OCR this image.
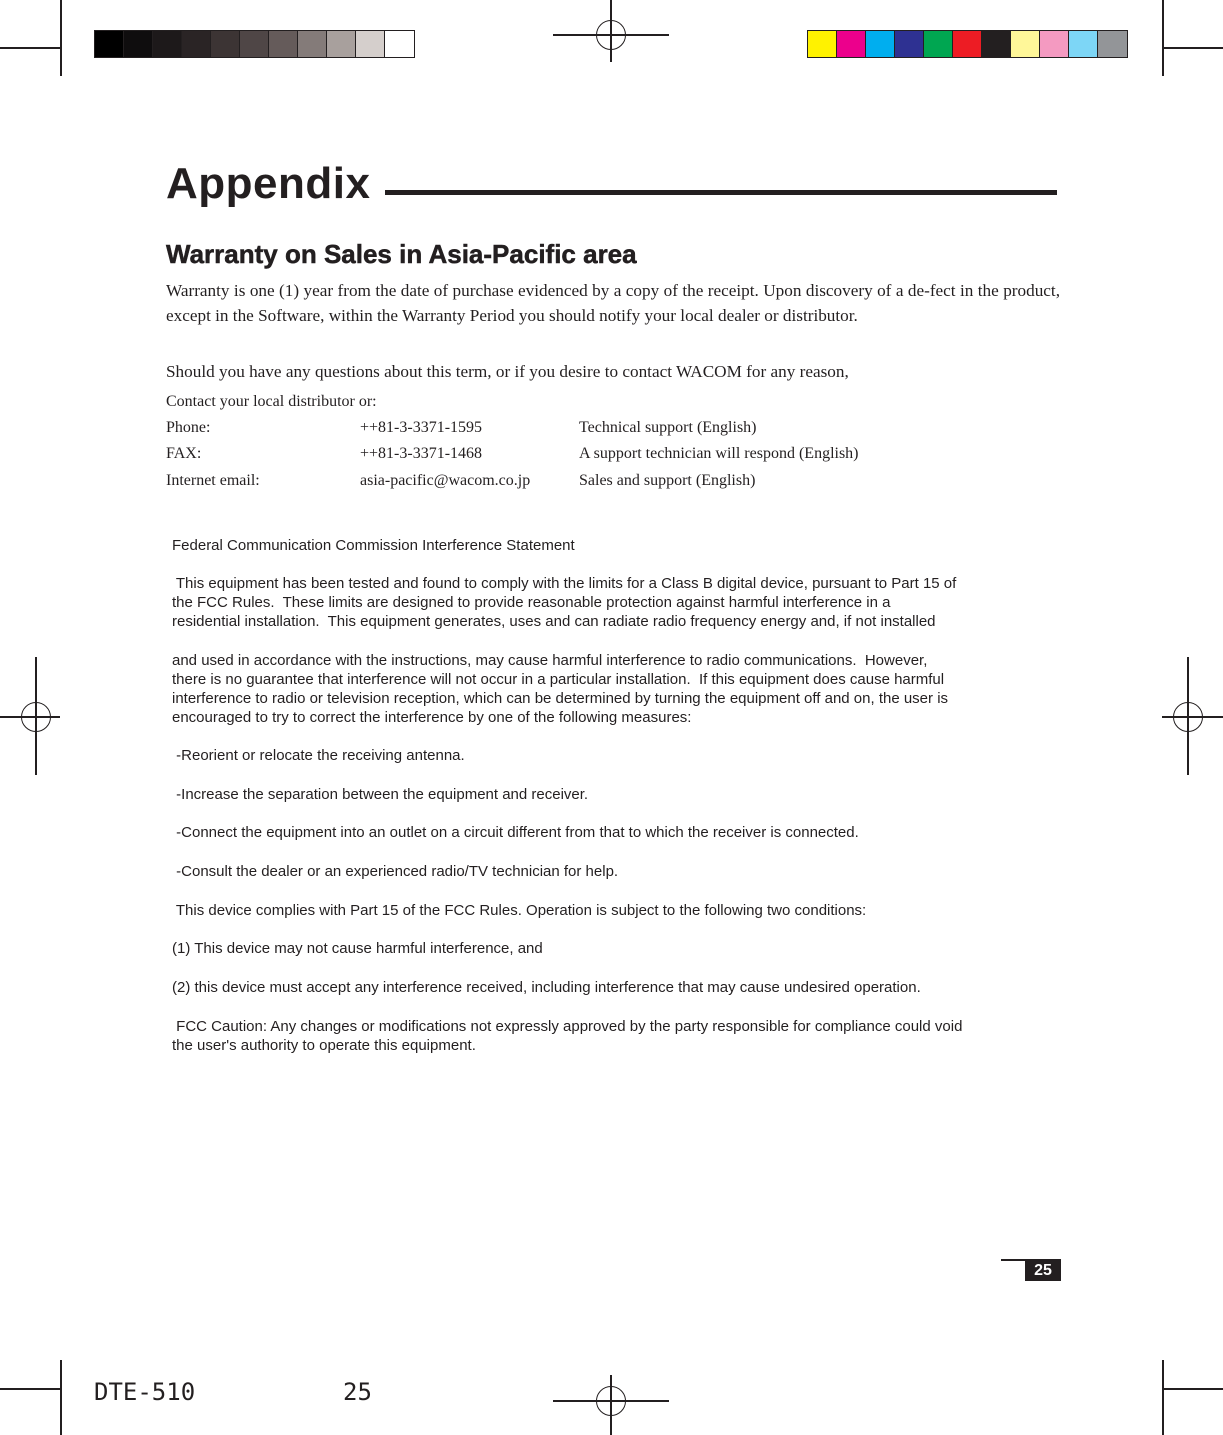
Appendix
Warranty on Sales in Asia-Pacific area
Warranty is one (1) year from the date of purchase evidenced by a copy of the receipt. Upon discovery of a de-fect in the product, except in the Software, within the Warranty Period you should notify your local dealer or distributor.
Should you have any questions about this term, or if you desire to contact WACOM for any reason,
Contact your local distributor or:
Phone:	++81-3-3371-1595	Technical support (English)
FAX:	++81-3-3371-1468	A support technician will respond (English)
Internet email:	asia-pacific@wacom.co.jp	Sales and support (English)
Federal Communication Commission Interference Statement
This equipment has been tested and found to comply with the limits for a Class B digital device, pursuant to Part 15 of
the FCC Rules.  These limits are designed to provide reasonable protection against harmful interference in a
residential installation.  This equipment generates, uses and can radiate radio frequency energy and, if not installed
and used in accordance with the instructions, may cause harmful interference to radio communications.  However,
there is no guarantee that interference will not occur in a particular installation.  If this equipment does cause harmful
interference to radio or television reception, which can be determined by turning the equipment off and on, the user is
encouraged to try to correct the interference by one of the following measures:
-Reorient or relocate the receiving antenna.
-Increase the separation between the equipment and receiver.
-Connect the equipment into an outlet on a circuit different from that to which the receiver is connected.
-Consult the dealer or an experienced radio/TV technician for help.
This device complies with Part 15 of the FCC Rules. Operation is subject to the following two conditions:
(1) This device may not cause harmful interference, and
(2) this device must accept any interference received, including interference that may cause undesired operation.
FCC Caution: Any changes or modifications not expressly approved by the party responsible for compliance could void
the user's authority to operate this equipment.
25
DTE-510	25
